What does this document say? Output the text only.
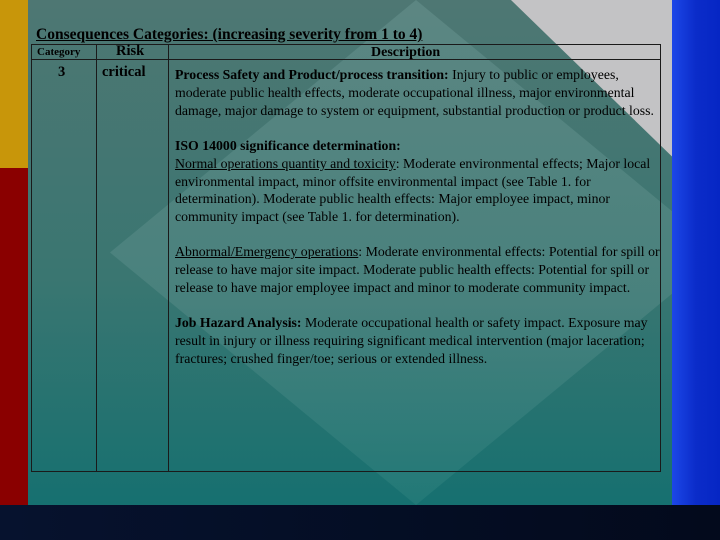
Consequences Categories: (increasing severity from 1 to 4)
Category Risk	Description
3	critical Process Safety and Product/process transition: Injury to public or employees, moderate public health effects, moderate occupational illness, major environmental damage, major damage to system or equipment, substantial production or product loss.

ISO 14000 significance determination:
Normal operations quantity and toxicity: Moderate environmental effects; Major local environmental impact, minor offsite environmental impact (see Table 1. for determination). Moderate public health effects: Major employee impact, minor community impact (see Table 1. for determination).

Abnormal/Emergency operations: Moderate environmental effects: Potential for spill or release to have major site impact. Moderate public health effects: Potential for spill or release to have major employee impact and minor to moderate community impact.

Job Hazard Analysis: Moderate occupational health or safety impact. Exposure may result in injury or illness requiring significant medical intervention (major laceration; fractures; crushed finger/toe; serious or extended illness.
